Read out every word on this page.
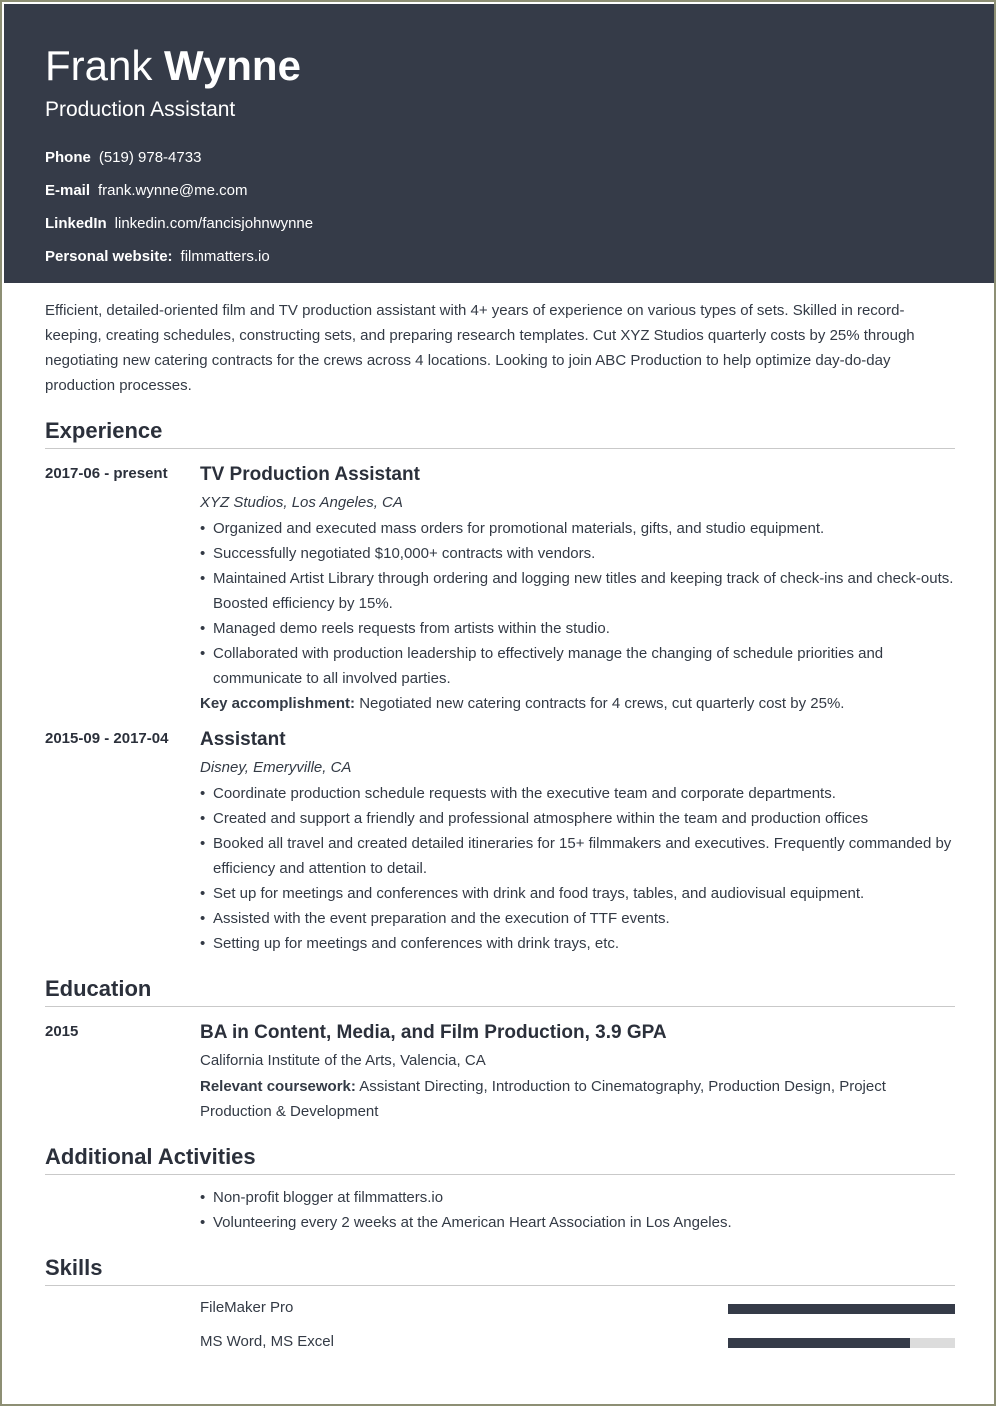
Frank Wynne
Production Assistant
Phone (519) 978-4733
E-mail frank.wynne@me.com
LinkedIn linkedin.com/fancisjohnwynne
Personal website: filmmatters.io
Efficient, detailed-oriented film and TV production assistant with 4+ years of experience on various types of sets. Skilled in record-keeping, creating schedules, constructing sets, and preparing research templates. Cut XYZ Studios quarterly costs by 25% through negotiating new catering contracts for the crews across 4 locations. Looking to join ABC Production to help optimize day-do-day production processes.
Experience
2017-06 - present TV Production Assistant
XYZ Studios, Los Angeles, CA
• Organized and executed mass orders for promotional materials, gifts, and studio equipment.
• Successfully negotiated $10,000+ contracts with vendors.
• Maintained Artist Library through ordering and logging new titles and keeping track of check-ins and check-outs. Boosted efficiency by 15%.
• Managed demo reels requests from artists within the studio.
• Collaborated with production leadership to effectively manage the changing of schedule priorities and communicate to all involved parties.
Key accomplishment: Negotiated new catering contracts for 4 crews, cut quarterly cost by 25%.
2015-09 - 2017-04 Assistant
Disney, Emeryville, CA
• Coordinate production schedule requests with the executive team and corporate departments.
• Created and support a friendly and professional atmosphere within the team and production offices
• Booked all travel and created detailed itineraries for 15+ filmmakers and executives. Frequently commanded by efficiency and attention to detail.
• Set up for meetings and conferences with drink and food trays, tables, and audiovisual equipment.
• Assisted with the event preparation and the execution of TTF events.
• Setting up for meetings and conferences with drink trays, etc.
Education
2015	BA in Content, Media, and Film Production, 3.9 GPA
California Institute of the Arts, Valencia, CA
Relevant coursework: Assistant Directing, Introduction to Cinematography, Production Design, Project Production & Development
Additional Activities
• Non-profit blogger at filmmatters.io
• Volunteering every 2 weeks at the American Heart Association in Los Angeles.
Skills
FileMaker Pro
MS Word, MS Excel
